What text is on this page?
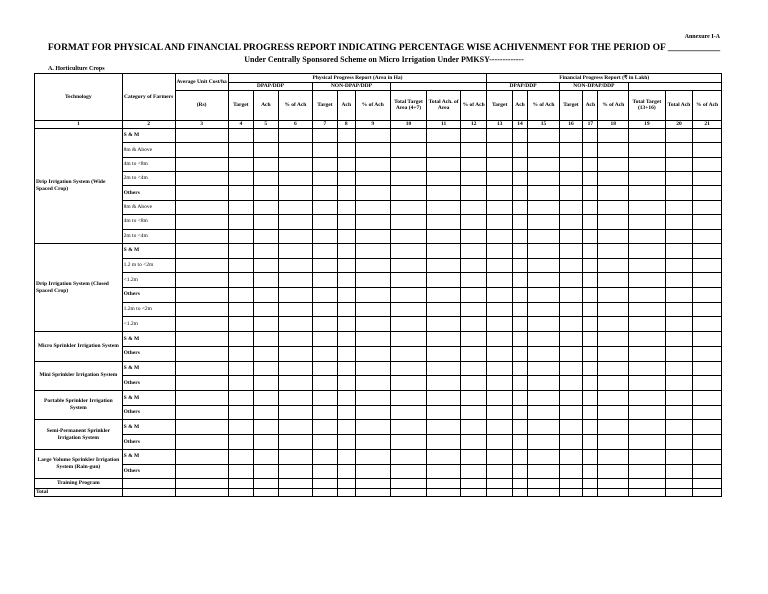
Annexure I-A
FORMAT FOR PHYSICAL AND FINANCIAL PROGRESS REPORT INDICATING PERCENTAGE WISE ACHIVENMENT FOR THE PERIOD OF ___________
Under Centrally Sponsored Scheme on Micro Irrigation Under PMKSY-------------
A. Horticulture Crops
Technology	Category of Farmers	Average Unit Cost/ha	Physical Progress Report (Area in Ha)									Financial Progress Report (₹ in Lakh)								
			DPAP/DDP			NON-DPAP/DDP						DPAP/DDP			NON-DPAP/DDP					
		(Rs)	Target	Ach	% of Ach	Target	Ach	% of Ach	Total Target Area (4+7)	Total Ach. of Area	% of Ach	Target	Ach	% of Ach	Target	Ach	% of Ach	Total Target (13+16)	Total Ach	% of Ach
1	2	3	4	5	6	7	8	9	10	11	12	13	14	15	16	17	18	19	20	21
Drip Irrigation System (Wide Spaced Crop)	S & M																			
	8m & Above																			
	4m to <8m																			
	2m to <4m																			
	Others																			
	8m & Above																			
	4m to <8m																			
	2m to <4m																			
Drip Irrigation System (Closed Spaced Crop)	S & M																			
	1.2 m to <2m																			
	<1.2m																			
	Others																			
	1.2m to <2m																			
	<1.2m																			
Micro Sprinkler Irrigation System	S & M																			
	Others																			
Mini Sprinkler Irrigation System	S & M																			
	Others																			
Portable Sprinkler Irrigation System	S & M																			
	Others																			
Semi-Permanent Sprinkler Irrigation System	S & M																			
	Others																			
Large Volume Sprinkler Irrigation System (Rain-gun)	S & M																			
	Others																			
Training Program																				
Total																				
